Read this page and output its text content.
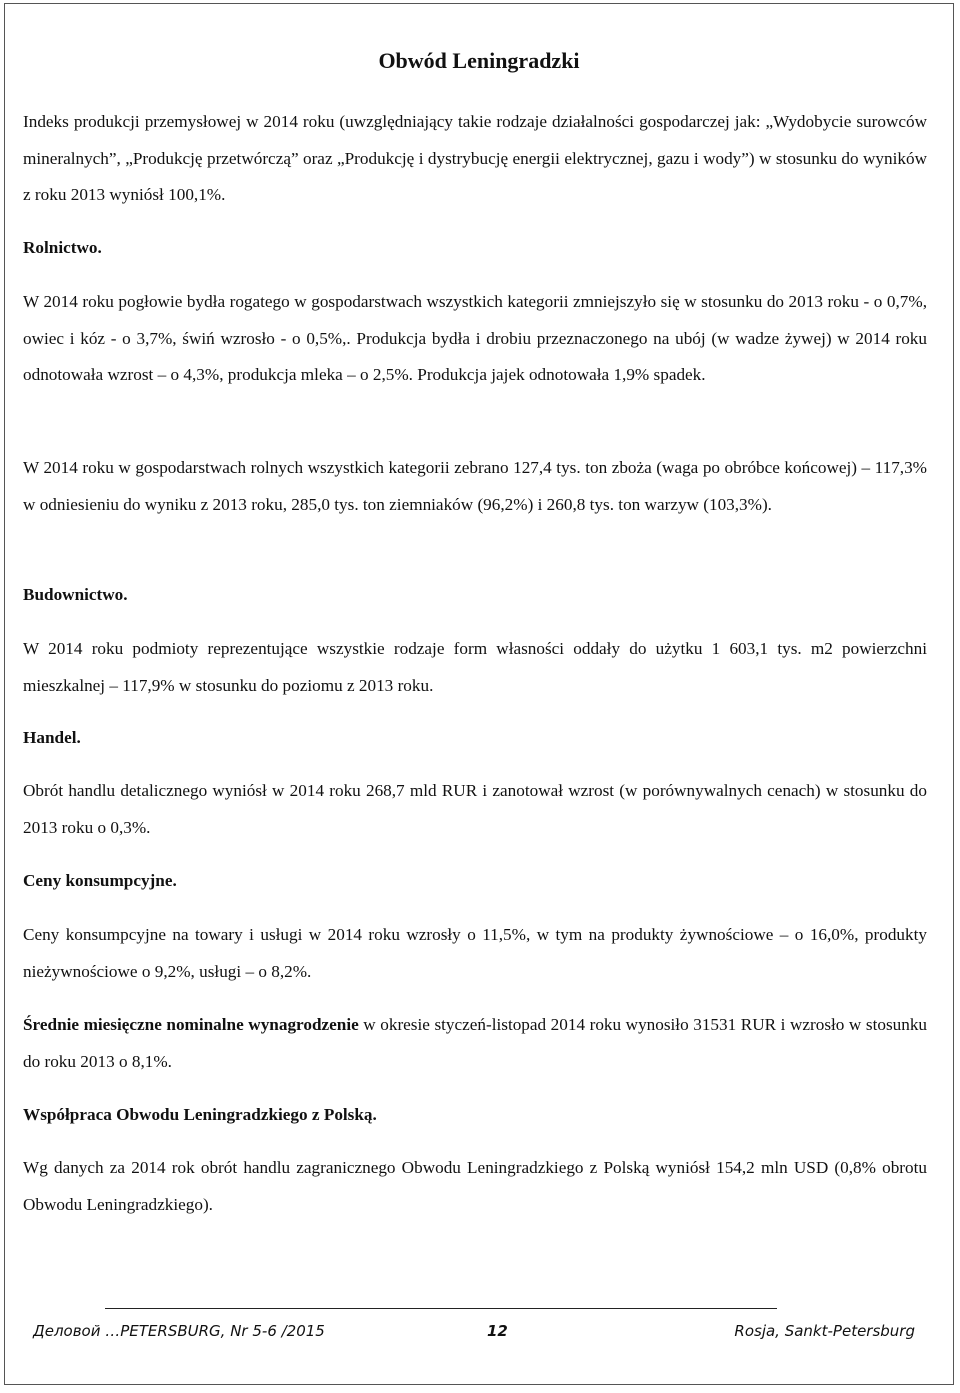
Obwód Leningradzki

Indeks produkcji przemysłowej w 2014 roku (uwzględniający takie rodzaje działalności gospodarczej jak: „Wydobycie surowców mineralnych”, „Produkcję przetwórczą” oraz „Produkcję i dystrybucję energii elektrycznej, gazu i wody”) w stosunku do wyników z roku 2013 wyniósł 100,1%.

Rolnictwo.

W 2014 roku pogłowie bydła rogatego w gospodarstwach wszystkich kategorii zmniejszyło się w stosunku do 2013 roku - o 0,7%, owiec i kóz - o 3,7%, świń wzrosło - o 0,5%,. Produkcja bydła i drobiu przeznaczonego na ubój (w wadze żywej) w 2014 roku odnotowała wzrost – o 4,3%, produkcja mleka – o 2,5%. Produkcja jajek odnotowała 1,9% spadek.

W 2014 roku w gospodarstwach rolnych wszystkich kategorii zebrano 127,4 tys. ton zboża (waga po obróbce końcowej) – 117,3% w odniesieniu do wyniku z 2013 roku, 285,0 tys. ton ziemniaków (96,2%) i 260,8 tys. ton warzyw (103,3%).

Budownictwo.

W 2014 roku podmioty reprezentujące wszystkie rodzaje form własności oddały do użytku 1 603,1 tys. m2 powierzchni mieszkalnej – 117,9% w stosunku do poziomu z 2013 roku.

Handel.

Obrót handlu detalicznego wyniósł w 2014 roku 268,7 mld RUR i zanotował wzrost (w porównywalnych cenach) w stosunku do 2013 roku o 0,3%.

Ceny konsumpcyjne.

Ceny konsumpcyjne na towary i usługi w 2014 roku wzrosły o 11,5%, w tym na produkty żywnościowe – o 16,0%, produkty nieżywnościowe o 9,2%, usługi – o 8,2%.

Średnie miesięczne nominalne wynagrodzenie w okresie styczeń-listopad 2014 roku wynosiło 31531 RUR i wzrosło w stosunku do roku 2013 o 8,1%.

Współpraca Obwodu Leningradzkiego z Polską.

Wg danych za 2014 rok obrót handlu zagranicznego Obwodu Leningradzkiego z Polską wyniósł 154,2 mln USD (0,8% obrotu Obwodu Leningradzkiego).

Деловой …PETERSBURG, Nr 5-6 /2015	12	Rosja, Sankt-Petersburg
